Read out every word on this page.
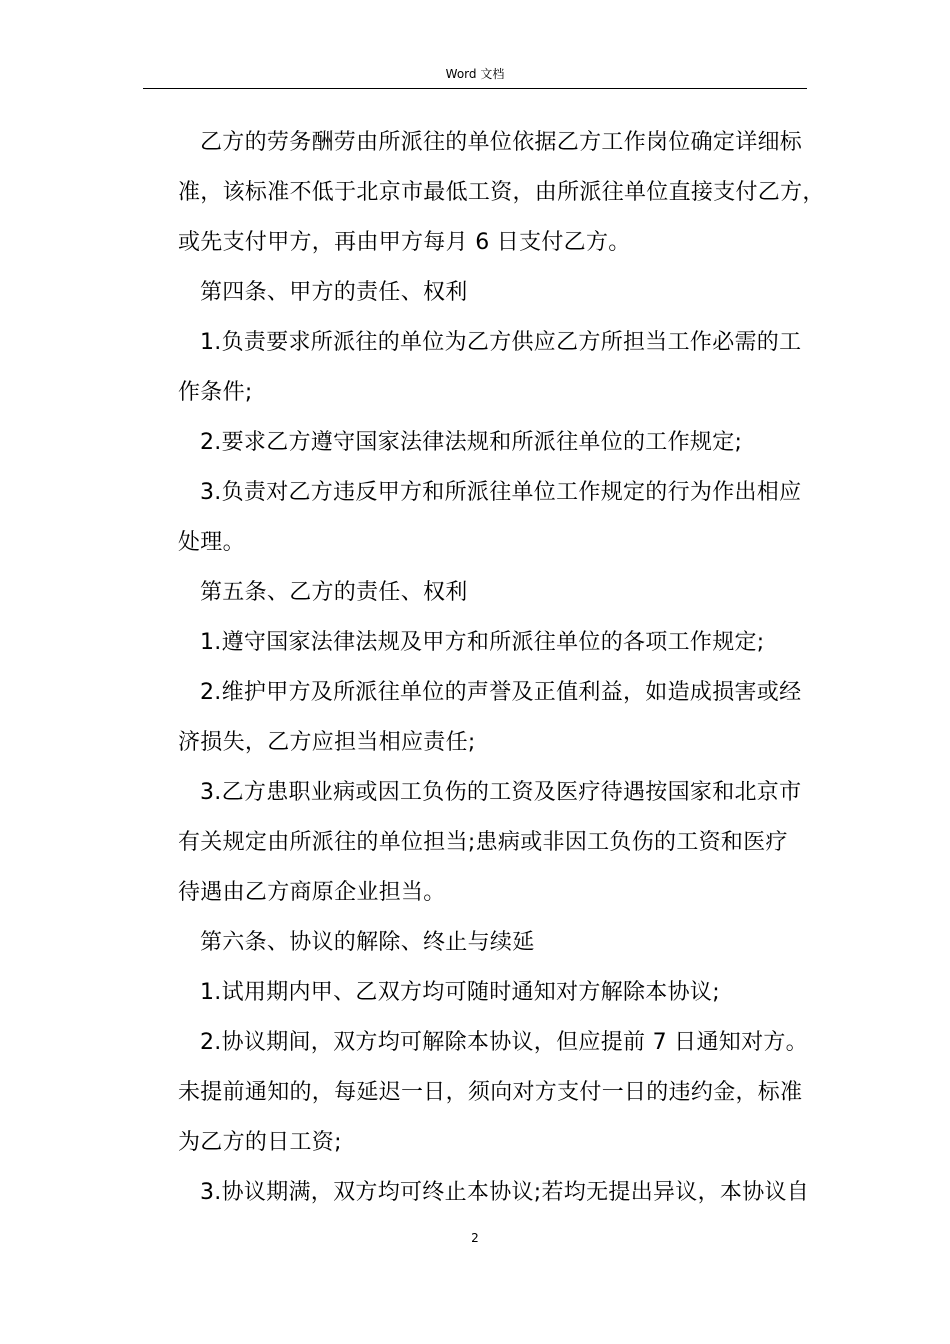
Word 文档
乙方的劳务酬劳由所派往的单位依据乙方工作岗位确定详细标
准，该标准不低于北京市最低工资，由所派往单位直接支付乙方，
或先支付甲方，再由甲方每月 6 日支付乙方。
第四条、甲方的责任、权利
1.负责要求所派往的单位为乙方供应乙方所担当工作必需的工
作条件;
2.要求乙方遵守国家法律法规和所派往单位的工作规定;
3.负责对乙方违反甲方和所派往单位工作规定的行为作出相应
处理。
第五条、乙方的责任、权利
1.遵守国家法律法规及甲方和所派往单位的各项工作规定;
2.维护甲方及所派往单位的声誉及正值利益，如造成损害或经
济损失，乙方应担当相应责任;
3.乙方患职业病或因工负伤的工资及医疗待遇按国家和北京市
有关规定由所派往的单位担当;患病或非因工负伤的工资和医疗
待遇由乙方商原企业担当。
第六条、协议的解除、终止与续延
1.试用期内甲、乙双方均可随时通知对方解除本协议;
2.协议期间，双方均可解除本协议，但应提前 7 日通知对方。
未提前通知的，每延迟一日，须向对方支付一日的违约金，标准
为乙方的日工资;
3.协议期满，双方均可终止本协议;若均无提出异议，本协议自
2
